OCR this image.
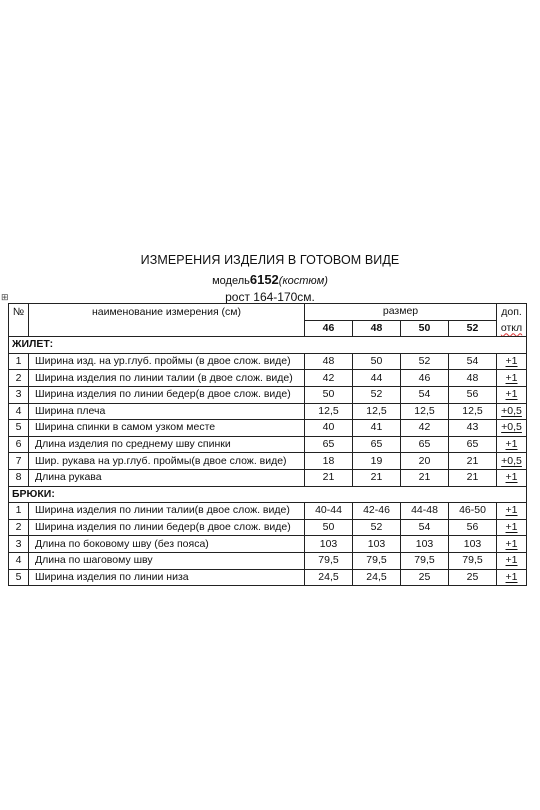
ИЗМЕРЕНИЯ ИЗДЕЛИЯ В ГОТОВОМ ВИДЕ
модель6152(костюм)
рост 164-170см.
⊞
№	наименование измерения (см)	размер				доп.
		46	48	50	52	откл
ЖИЛЕТ:						
1	Ширина изд. на ур.глуб. проймы (в двое слож. виде)	48	50	52	54	+1
2	Ширина изделия по линии талии (в двое слож. виде)	42	44	46	48	+1
3	Ширина изделия по линии бедер(в двое слож. виде)	50	52	54	56	+1
4	Ширина плеча	12,5	12,5	12,5	12,5	+0,5
5	Ширина спинки в самом узком месте	40	41	42	43	+0,5
6	Длина изделия по среднему шву спинки	65	65	65	65	+1
7	Шир. рукава на ур.глуб. проймы(в двое слож. виде)	18	19	20	21	+0,5
8	Длина рукава	21	21	21	21	+1
БРЮКИ:						
1	Ширина изделия по линии талии(в двое слож. виде)	40-44	42-46	44-48	46-50	+1
2	Ширина изделия по линии бедер(в двое слож. виде)	50	52	54	56	+1
3	Длина по боковому шву (без пояса)	103	103	103	103	+1
4	Длина по шаговому шву	79,5	79,5	79,5	79,5	+1
5	Ширина изделия по линии низа	24,5	24,5	25	25	+1
